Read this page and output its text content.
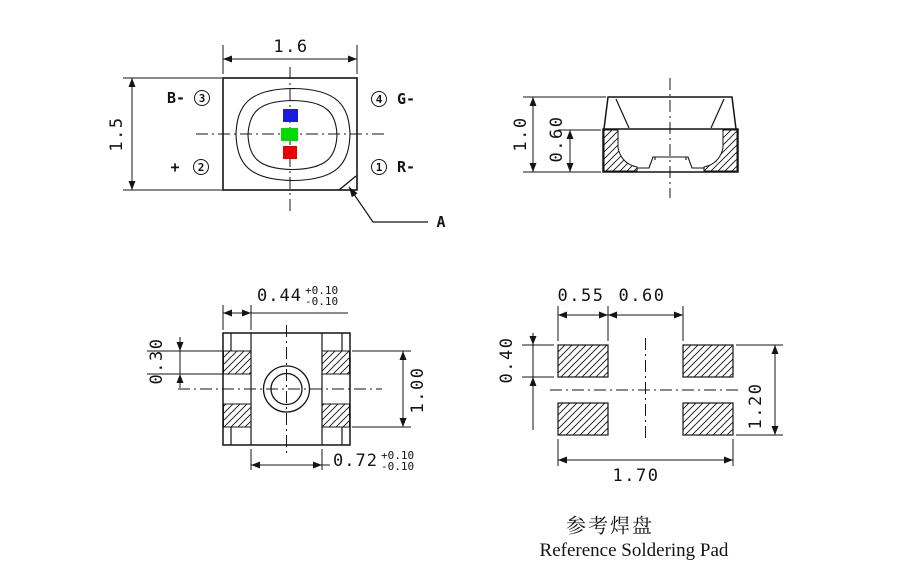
1.6
1.5
B- 3
+ 2
4 G-
1 R-
A
1.0 0.60
0.44 +0.10
-0.10
0.30
1.00
0.72 +0.10
-0.10
0.55 0.60
0.40
1.20
1.70
参考焊盘
Reference Soldering Pad
